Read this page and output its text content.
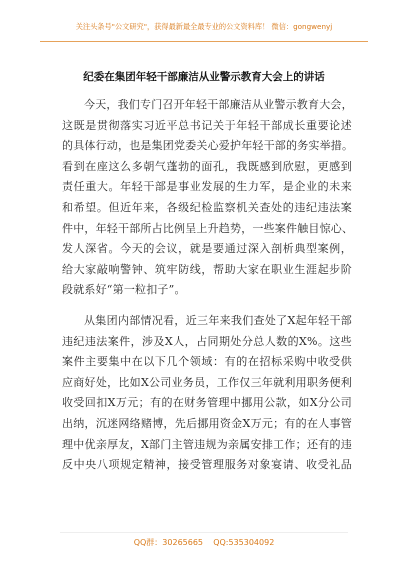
关注头条号"公文研究"，获得最新最全最专业的公文资料库！ 微信：gongwenyj
纪委在集团年轻干部廉洁从业警示教育大会上的讲话
今天，我们专门召开年轻干部廉洁从业警示教育大会，
这既是贯彻落实习近平总书记关于年轻干部成长重要论述
的具体行动，也是集团党委关心爱护年轻干部的务实举措。
看到在座这么多朝气蓬勃的面孔，我既感到欣慰，更感到
责任重大。年轻干部是事业发展的生力军，是企业的未来
和希望。但近年来，各级纪检监察机关查处的违纪违法案
件中，年轻干部所占比例呈上升趋势，一些案件触目惊心、
发人深省。今天的会议，就是要通过深入剖析典型案例，
给大家敲响警钟、筑牢防线，帮助大家在职业生涯起步阶
段就系好“第一粒扣子”。
从集团内部情况看，近三年来我们查处了X起年轻干部
违纪违法案件，涉及X人，占同期处分总人数的X%。这些
案件主要集中在以下几个领域：有的在招标采购中收受供
应商好处，比如X公司业务员，工作仅三年就利用职务便利
收受回扣X万元；有的在财务管理中挪用公款，如X分公司
出纳，沉迷网络赌博，先后挪用资金X万元；有的在人事管
理中优亲厚友，X部门主管违规为亲属安排工作；还有的违
反中央八项规定精神，接受管理服务对象宴请、收受礼品
QQ群：30265665 QQ:535304092
